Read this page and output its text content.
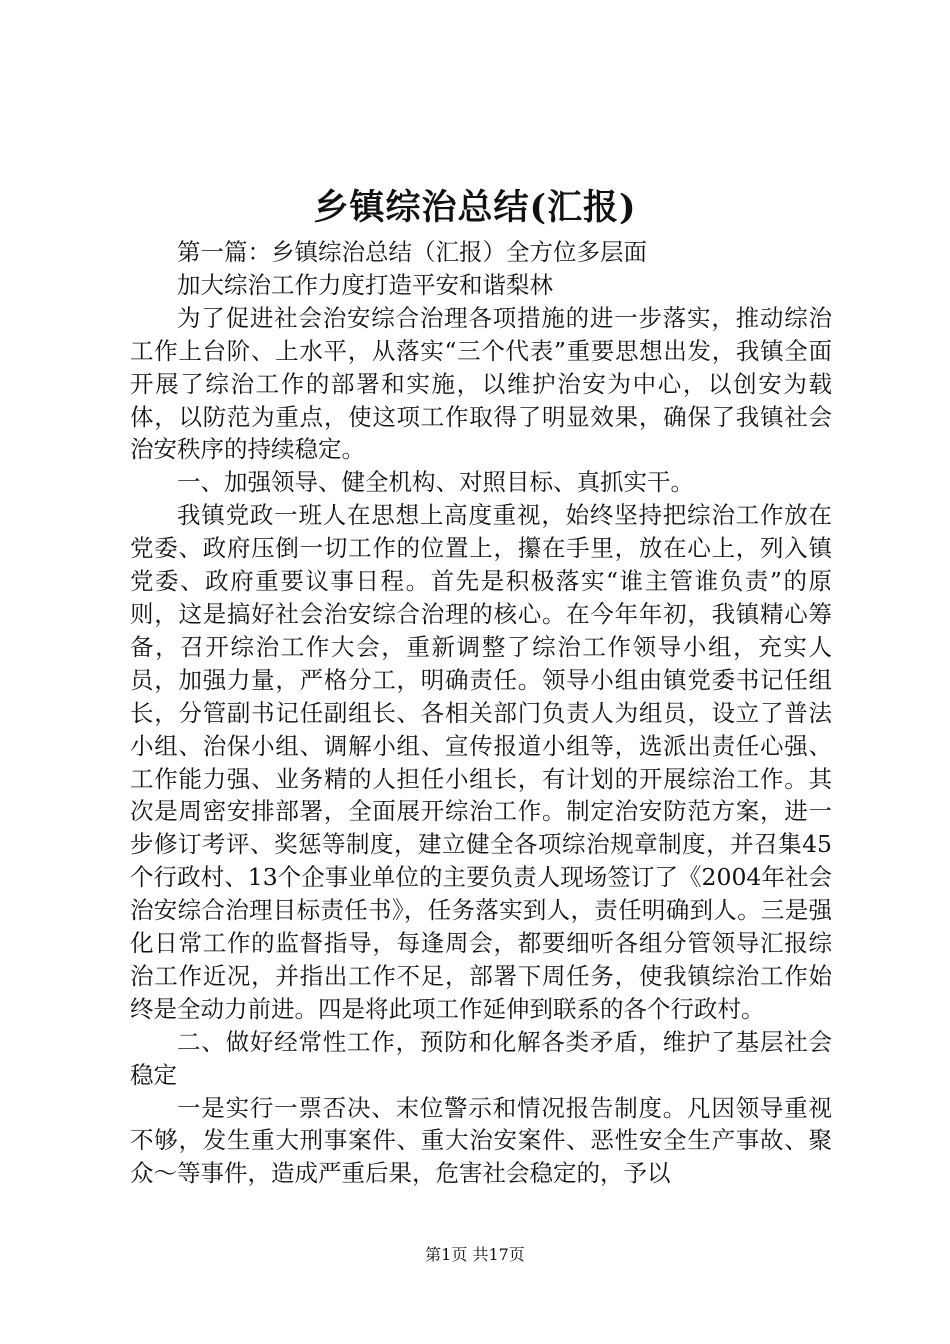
乡镇综治总结(汇报)

第一篇：乡镇综治总结（汇报）全方位多层面

加大综治工作力度打造平安和谐梨林

为了促进社会治安综合治理各项措施的进一步落实，推动综治工作上台阶、上水平，从落实“三个代表”重要思想出发，我镇全面开展了综治工作的部署和实施，以维护治安为中心，以创安为载体，以防范为重点，使这项工作取得了明显效果，确保了我镇社会治安秩序的持续稳定。

一、加强领导、健全机构、对照目标、真抓实干。

我镇党政一班人在思想上高度重视，始终坚持把综治工作放在党委、政府压倒一切工作的位置上，攥在手里，放在心上，列入镇党委、政府重要议事日程。首先是积极落实“谁主管谁负责”的原则，这是搞好社会治安综合治理的核心。在今年年初，我镇精心筹备，召开综治工作大会，重新调整了综治工作领导小组，充实人员，加强力量，严格分工，明确责任。领导小组由镇党委书记任组长，分管副书记任副组长、各相关部门负责人为组员，设立了普法小组、治保小组、调解小组、宣传报道小组等，选派出责任心强、工作能力强、业务精的人担任小组长，有计划的开展综治工作。其次是周密安排部署，全面展开综治工作。制定治安防范方案，进一步修订考评、奖惩等制度，建立健全各项综治规章制度，并召集45个行政村、13个企事业单位的主要负责人现场签订了《2004年社会治安综合治理目标责任书》，任务落实到人，责任明确到人。三是强化日常工作的监督指导，每逢周会，都要细听各组分管领导汇报综治工作近况，并指出工作不足，部署下周任务，使我镇综治工作始终是全动力前进。四是将此项工作延伸到联系的各个行政村。

二、做好经常性工作，预防和化解各类矛盾，维护了基层社会稳定

一是实行一票否决、末位警示和情况报告制度。凡因领导重视不够，发生重大刑事案件、重大治安案件、恶性安全生产事故、聚众～等事件，造成严重后果，危害社会稳定的，予以

第1页 共17页
